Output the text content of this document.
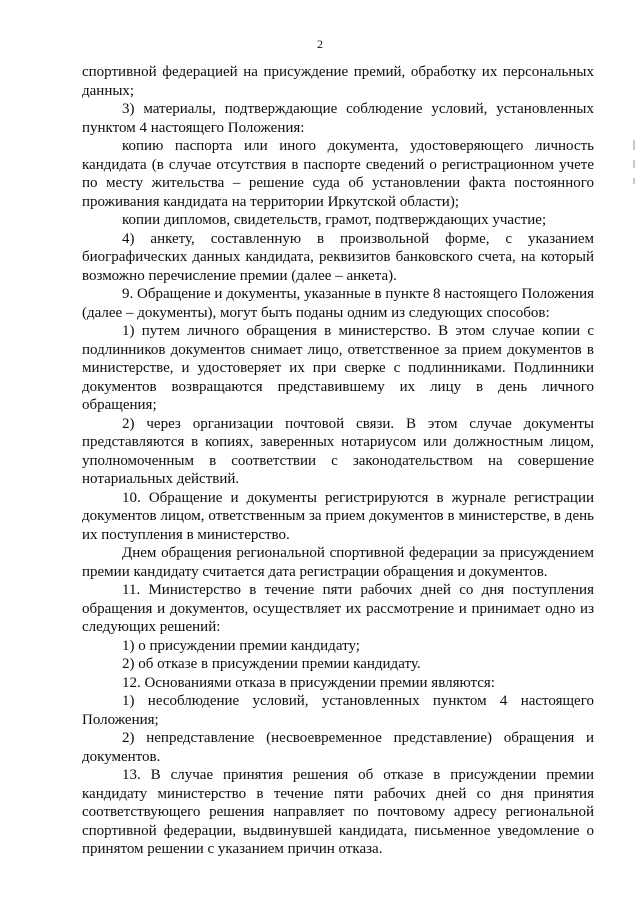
2

спортивной федерацией на присуждение премий, обработку их персональных данных;

3) материалы, подтверждающие соблюдение условий, установленных пунктом 4 настоящего Положения:

копию паспорта или иного документа, удостоверяющего личность кандидата (в случае отсутствия в паспорте сведений о регистрационном учете по месту жительства – решение суда об установлении факта постоянного проживания кандидата на территории Иркутской области);

копии дипломов, свидетельств, грамот, подтверждающих участие;

4) анкету, составленную в произвольной форме, с указанием биографических данных кандидата, реквизитов банковского счета, на который возможно перечисление премии (далее – анкета).

9. Обращение и документы, указанные в пункте 8 настоящего Положения (далее – документы), могут быть поданы одним из следующих способов:

1) путем личного обращения в министерство. В этом случае копии с подлинников документов снимает лицо, ответственное за прием документов в министерстве, и удостоверяет их при сверке с подлинниками. Подлинники документов возвращаются представившему их лицу в день личного обращения;

2) через организации почтовой связи. В этом случае документы представляются в копиях, заверенных нотариусом или должностным лицом, уполномоченным в соответствии с законодательством на совершение нотариальных действий.

10. Обращение и документы регистрируются в журнале регистрации документов лицом, ответственным за прием документов в министерстве, в день их поступления в министерство.

Днем обращения региональной спортивной федерации за присуждением премии кандидату считается дата регистрации обращения и документов.

11. Министерство в течение пяти рабочих дней со дня поступления обращения и документов, осуществляет их рассмотрение и принимает одно из следующих решений:

1) о присуждении премии кандидату;

2) об отказе в присуждении премии кандидату.

12. Основаниями отказа в присуждении премии являются:

1) несоблюдение условий, установленных пунктом 4 настоящего Положения;

2) непредставление (несвоевременное представление) обращения и документов.

13. В случае принятия решения об отказе в присуждении премии кандидату министерство в течение пяти рабочих дней со дня принятия соответствующего решения направляет по почтовому адресу региональной спортивной федерации, выдвинувшей кандидата, письменное уведомление о принятом решении с указанием причин отказа.
